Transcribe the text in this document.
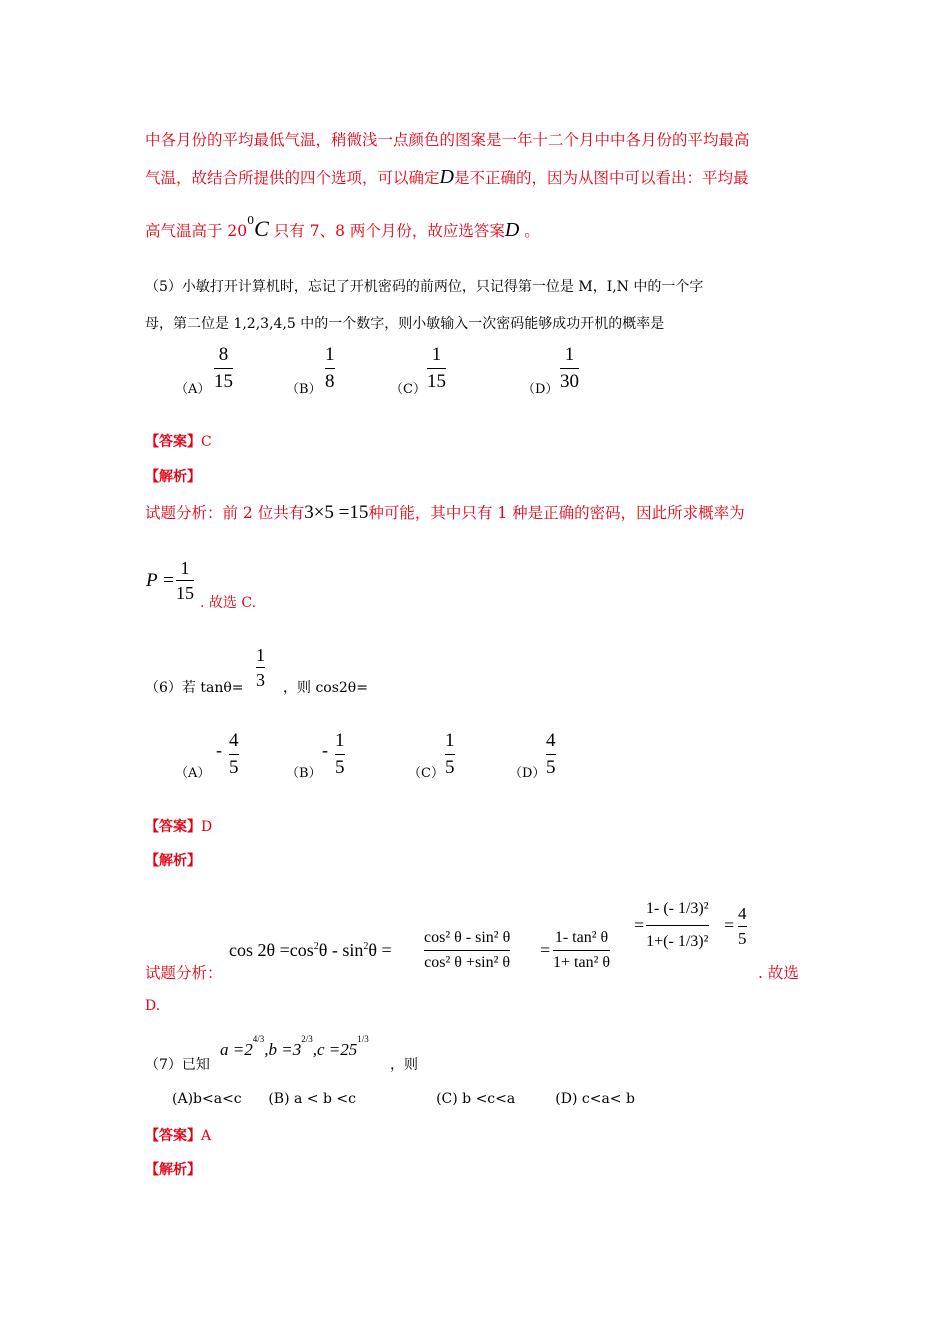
中各月份的平均最低气温，稍微浅一点颜色的图案是一年十二个月中中各月份的平均最高
气温，故结合所提供的四个选项，可以确定D是不正确的，因为从图中可以看出：平均最
高气温高于 $20^0C$ 只有 7、8 两个月份，故应选答案D 。
（5）小敏打开计算机时，忘记了开机密码的前两位，只记得第一位是 M，I,N 中的一个字
母，第二位是 1,2,3,4,5 中的一个数字，则小敏输入一次密码能够成功开机的概率是
（A）
8
15	（B）
1
8	（C）
1
15	（D）
1
30
【答案】C
【解析】
试题分析：前 2 位共有3×5 =15种可能，其中只有 1 种是正确的密码，因此所求概率为
P =
1
15 . 故选 C.
（6）若 tanθ=
1
3 ，则 cos2θ=
（A）
- 4
5	（B）
- 1
5	（C）
1
5	（D）
4
5
【答案】D
【解析】
试题分析：
$\cos 2\theta =\cos^2\theta - \sin^2\theta$ =
cos² θ - sin² θ
cos² θ +sin² θ
=
1- tan² θ
1+ tan² θ
=
1- (- 1/3)²
1+(- 1/3)²
=
4
5
. 故选
D.
（7）已知
$a =2^{4/3},b =3^{2/3},c =25^{1/3}$
，则
(A)b<a<c      (B) a < b <c                  (C) b <c<a         (D) c<a< b
【答案】A
【解析】
